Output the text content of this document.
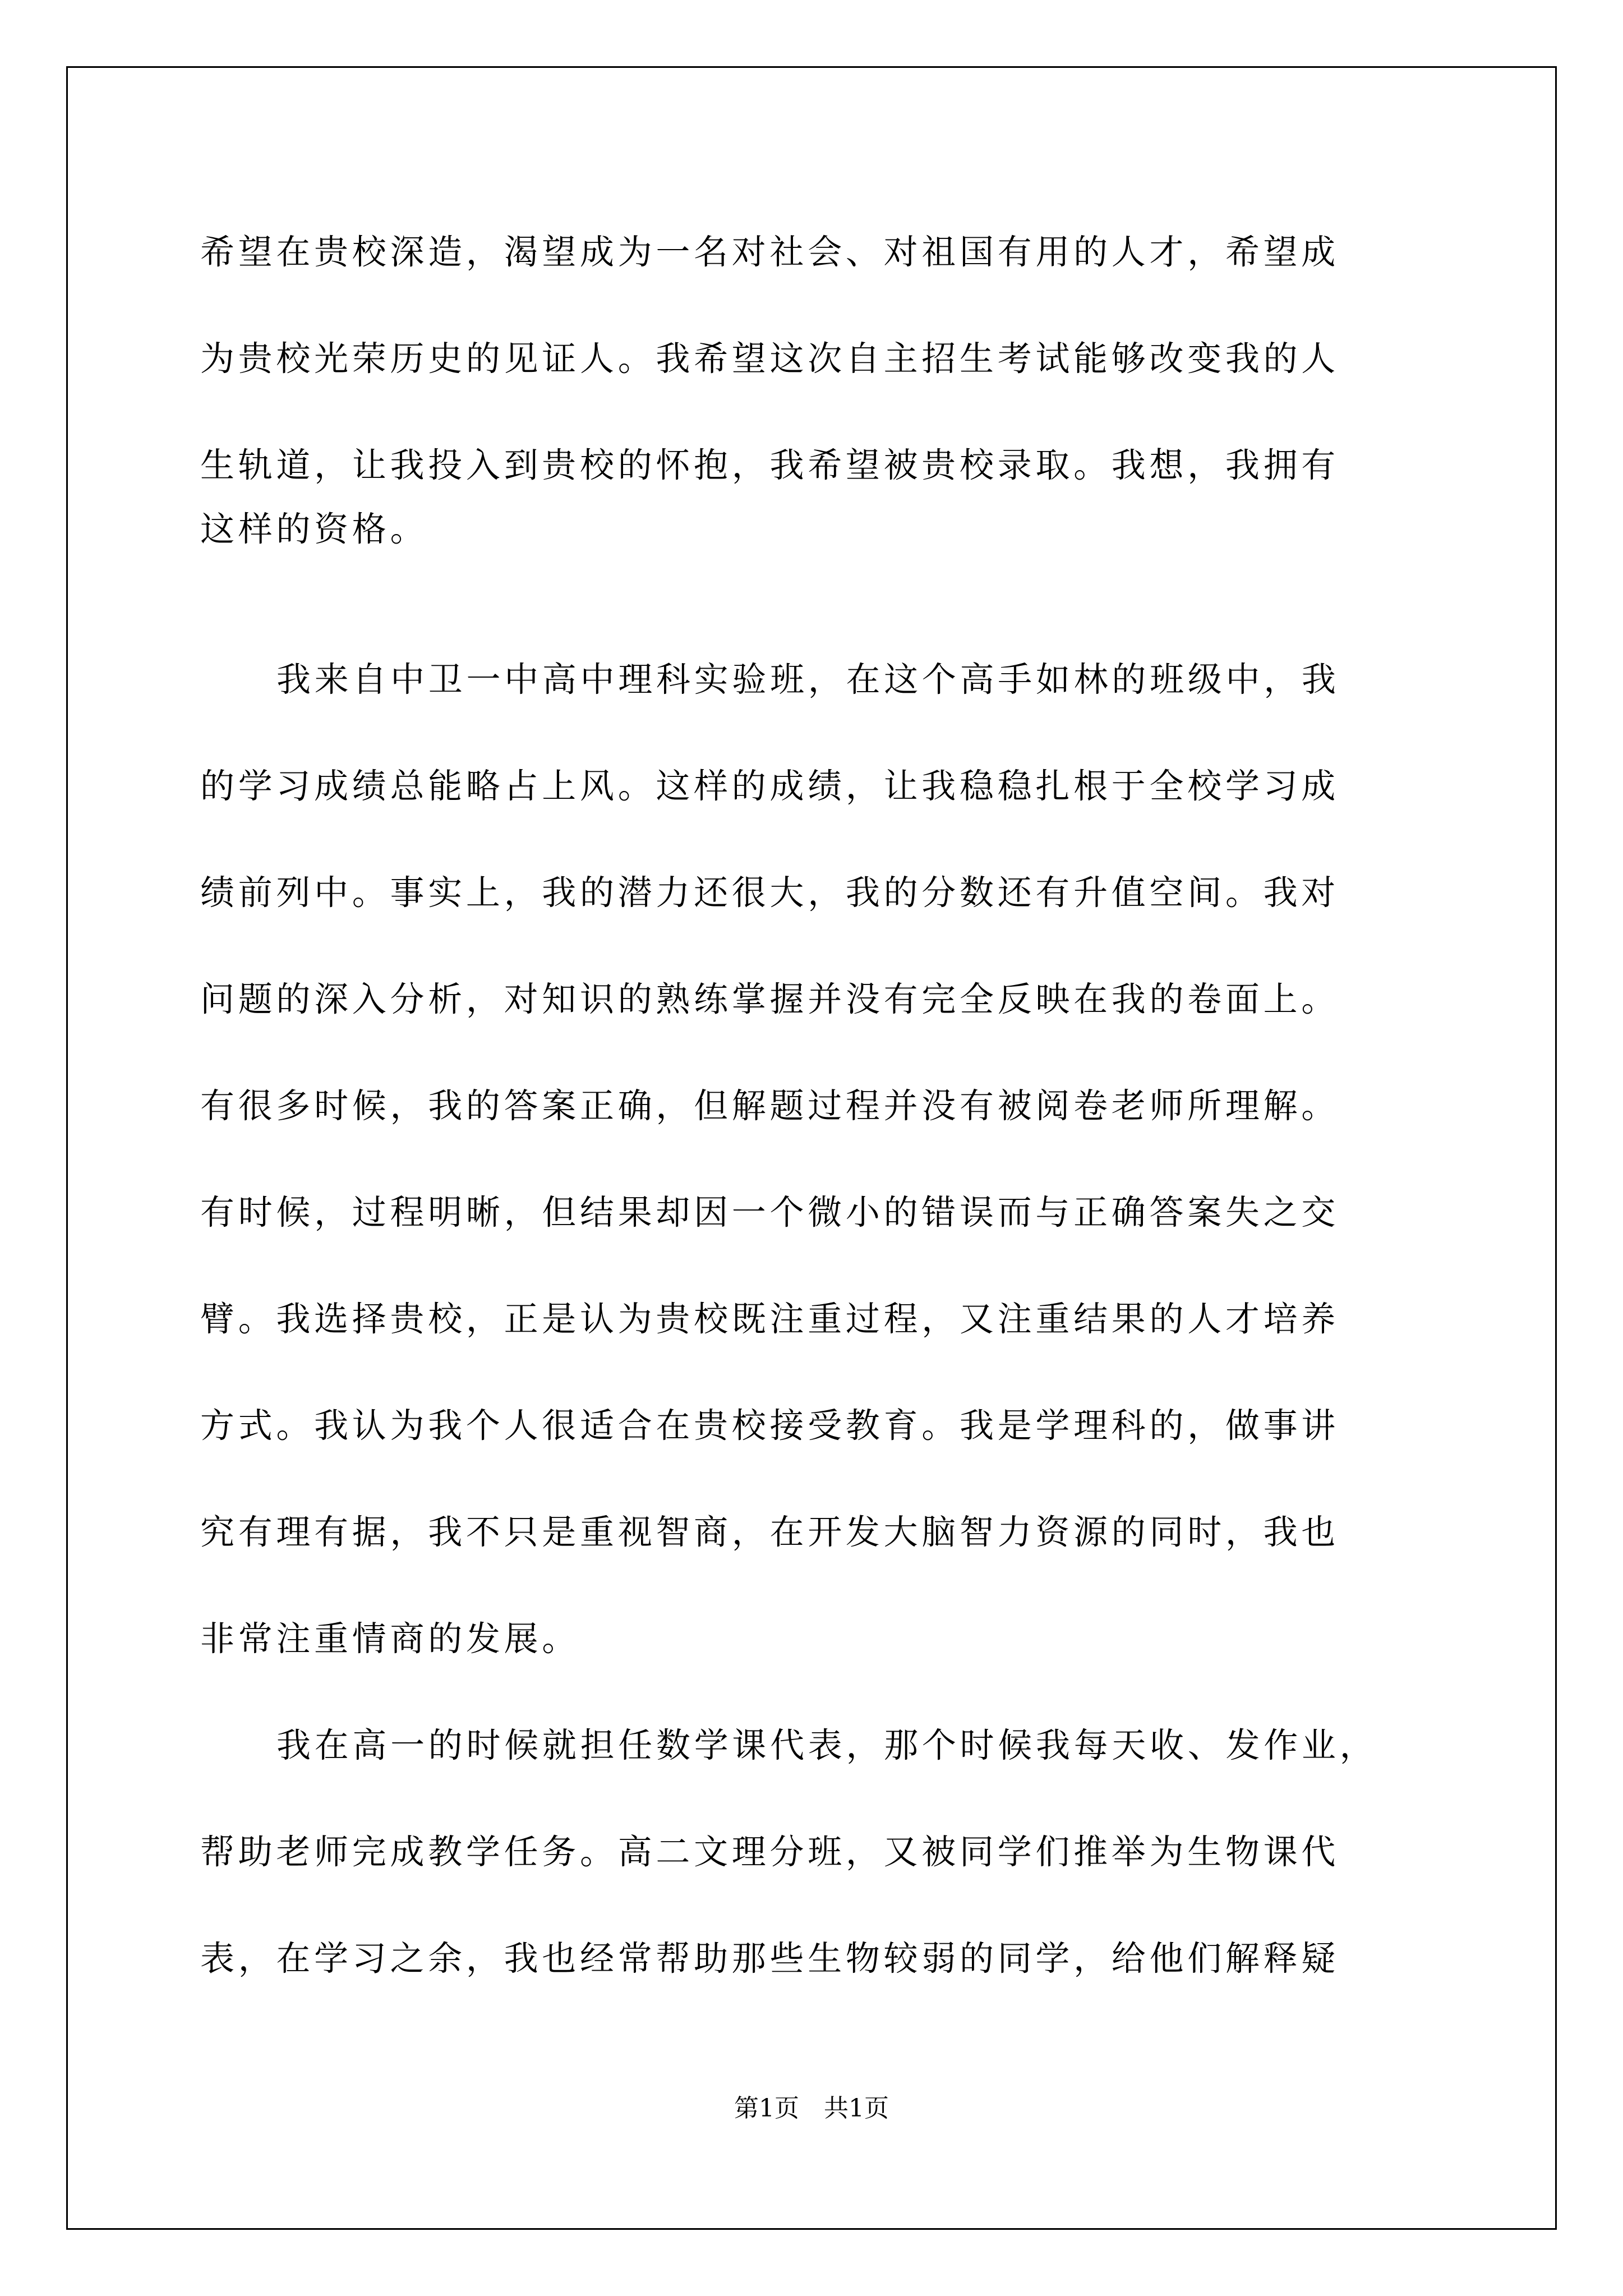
希望在贵校深造，渴望成为一名对社会、对祖国有用的人才，希望成
为贵校光荣历史的见证人。我希望这次自主招生考试能够改变我的人
生轨道，让我投入到贵校的怀抱，我希望被贵校录取。我想，我拥有
这样的资格。
我来自中卫一中高中理科实验班，在这个高手如林的班级中，我
的学习成绩总能略占上风。这样的成绩，让我稳稳扎根于全校学习成
绩前列中。事实上，我的潜力还很大，我的分数还有升值空间。我对
问题的深入分析，对知识的熟练掌握并没有完全反映在我的卷面上。
有很多时候，我的答案正确，但解题过程并没有被阅卷老师所理解。
有时候，过程明晰，但结果却因一个微小的错误而与正确答案失之交
臂。我选择贵校，正是认为贵校既注重过程，又注重结果的人才培养
方式。我认为我个人很适合在贵校接受教育。我是学理科的，做事讲
究有理有据，我不只是重视智商，在开发大脑智力资源的同时，我也
非常注重情商的发展。
我在高一的时候就担任数学课代表，那个时候我每天收、发作业，
帮助老师完成教学任务。高二文理分班，又被同学们推举为生物课代
表，在学习之余，我也经常帮助那些生物较弱的同学，给他们解释疑
第1页　共1页
